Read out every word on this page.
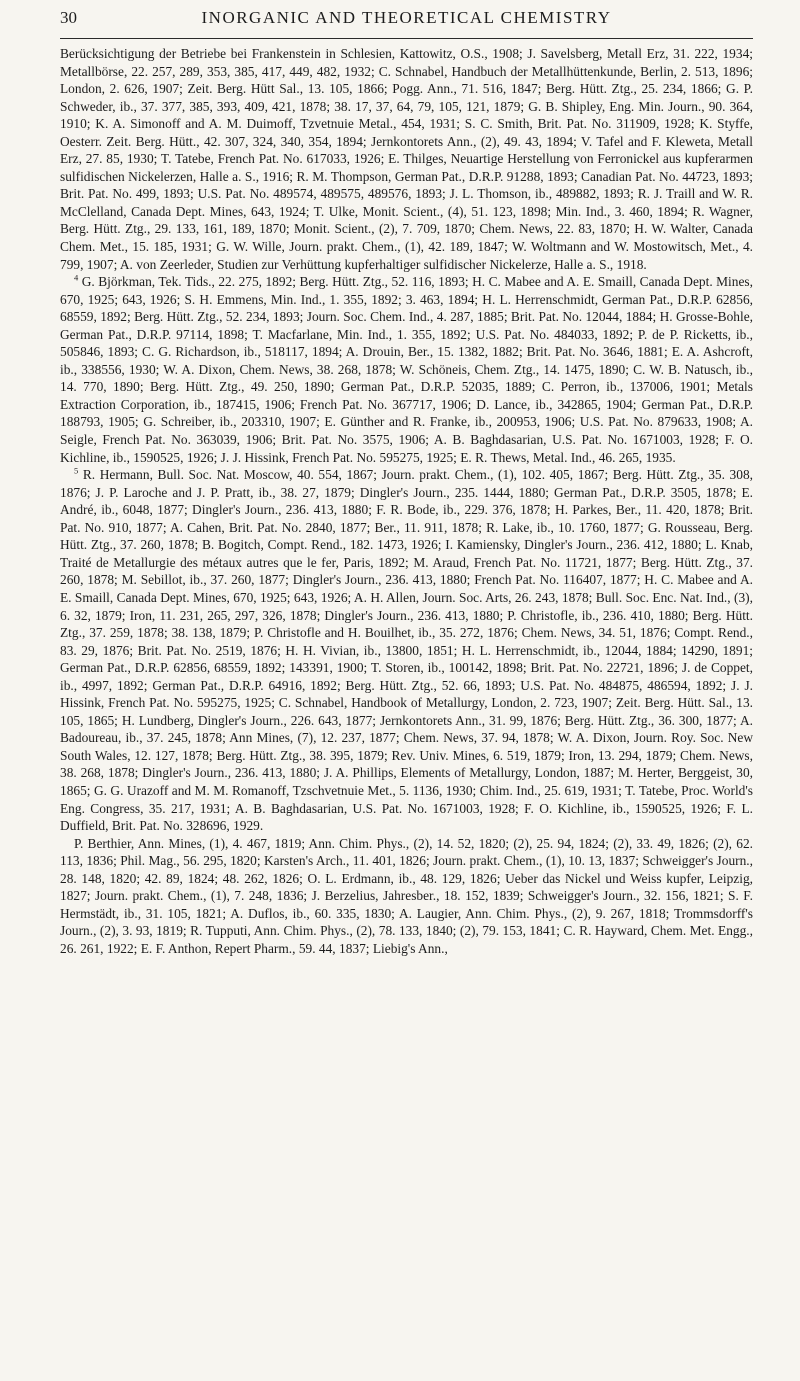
30	INORGANIC AND THEORETICAL CHEMISTRY

Berücksichtigung der Betriebe bei Frankenstein in Schlesien, Kattowitz, O.S., 1908; J. Savelsberg, Metall Erz, 31. 222, 1934; Metallbörse, 22. 257, 289, 353, 385, 417, 449, 482, 1932; C. Schnabel, Handbuch der Metallhüttenkunde, Berlin, 2. 513, 1896; London, 2. 626, 1907; Zeit. Berg. Hütt Sal., 13. 105, 1866; Pogg. Ann., 71. 516, 1847; Berg. Hütt. Ztg., 25. 234, 1866; G. P. Schweder, ib., 37. 377, 385, 393, 409, 421, 1878; 38. 17, 37, 64, 79, 105, 121, 1879; G. B. Shipley, Eng. Min. Journ., 90. 364, 1910; K. A. Simonoff and A. M. Duimoff, Tzvetnuie Metal., 454, 1931; S. C. Smith, Brit. Pat. No. 311909, 1928; K. Styffe, Oesterr. Zeit. Berg. Hütt., 42. 307, 324, 340, 354, 1894; Jernkontorets Ann., (2), 49. 43, 1894; V. Tafel and F. Kleweta, Metall Erz, 27. 85, 1930; T. Tatebe, French Pat. No. 617033, 1926; E. Thilges, Neuartige Herstellung von Ferronickel aus kupferarmen sulfidischen Nickelerzen, Halle a. S., 1916; R. M. Thompson, German Pat., D.R.P. 91288, 1893; Canadian Pat. No. 44723, 1893; Brit. Pat. No. 499, 1893; U.S. Pat. No. 489574, 489575, 489576, 1893; J. L. Thomson, ib., 489882, 1893; R. J. Traill and W. R. McClelland, Canada Dept. Mines, 643, 1924; T. Ulke, Monit. Scient., (4), 51. 123, 1898; Min. Ind., 3. 460, 1894; R. Wagner, Berg. Hütt. Ztg., 29. 133, 161, 189, 1870; Monit. Scient., (2), 7. 709, 1870; Chem. News, 22. 83, 1870; H. W. Walter, Canada Chem. Met., 15. 185, 1931; G. W. Wille, Journ. prakt. Chem., (1), 42. 189, 1847; W. Woltmann and W. Mostowitsch, Met., 4. 799, 1907; A. von Zeerleder, Studien zur Verhüttung kupferhaltiger sulfidischer Nickelerze, Halle a. S., 1918.

$^4$ G. Björkman, Tek. Tids., 22. 275, 1892; Berg. Hütt. Ztg., 52. 116, 1893; H. C. Mabee and A. E. Smaill, Canada Dept. Mines, 670, 1925; 643, 1926; S. H. Emmens, Min. Ind., 1. 355, 1892; 3. 463, 1894; H. L. Herrenschmidt, German Pat., D.R.P. 62856, 68559, 1892; Berg. Hütt. Ztg., 52. 234, 1893; Journ. Soc. Chem. Ind., 4. 287, 1885; Brit. Pat. No. 12044, 1884; H. Grosse-Bohle, German Pat., D.R.P. 97114, 1898; T. Macfarlane, Min. Ind., 1. 355, 1892; U.S. Pat. No. 484033, 1892; P. de P. Ricketts, ib., 505846, 1893; C. G. Richardson, ib., 518117, 1894; A. Drouin, Ber., 15. 1382, 1882; Brit. Pat. No. 3646, 1881; E. A. Ashcroft, ib., 338556, 1930; W. A. Dixon, Chem. News, 38. 268, 1878; W. Schöneis, Chem. Ztg., 14. 1475, 1890; C. W. B. Natusch, ib., 14. 770, 1890; Berg. Hütt. Ztg., 49. 250, 1890; German Pat., D.R.P. 52035, 1889; C. Perron, ib., 137006, 1901; Metals Extraction Corporation, ib., 187415, 1906; French Pat. No. 367717, 1906; D. Lance, ib., 342865, 1904; German Pat., D.R.P. 188793, 1905; G. Schreiber, ib., 203310, 1907; E. Günther and R. Franke, ib., 200953, 1906; U.S. Pat. No. 879633, 1908; A. Seigle, French Pat. No. 363039, 1906; Brit. Pat. No. 3575, 1906; A. B. Baghdasarian, U.S. Pat. No. 1671003, 1928; F. O. Kichline, ib., 1590525, 1926; J. J. Hissink, French Pat. No. 595275, 1925; E. R. Thews, Metal. Ind., 46. 265, 1935.

$^5$ R. Hermann, Bull. Soc. Nat. Moscow, 40. 554, 1867; Journ. prakt. Chem., (1), 102. 405, 1867; Berg. Hütt. Ztg., 35. 308, 1876; J. P. Laroche and J. P. Pratt, ib., 38. 27, 1879; Dingler's Journ., 235. 1444, 1880; German Pat., D.R.P. 3505, 1878; E. André, ib., 6048, 1877; Dingler's Journ., 236. 413, 1880; F. R. Bode, ib., 229. 376, 1878; H. Parkes, Ber., 11. 420, 1878; Brit. Pat. No. 910, 1877; A. Cahen, Brit. Pat. No. 2840, 1877; Ber., 11. 911, 1878; R. Lake, ib., 10. 1760, 1877; G. Rousseau, Berg. Hütt. Ztg., 37. 260, 1878; B. Bogitch, Compt. Rend., 182. 1473, 1926; I. Kamiensky, Dingler's Journ., 236. 412, 1880; L. Knab, Traité de Metallurgie des métaux autres que le fer, Paris, 1892; M. Araud, French Pat. No. 11721, 1877; Berg. Hütt. Ztg., 37. 260, 1878; M. Sebillot, ib., 37. 260, 1877; Dingler's Journ., 236. 413, 1880; French Pat. No. 116407, 1877; H. C. Mabee and A. E. Smaill, Canada Dept. Mines, 670, 1925; 643, 1926; A. H. Allen, Journ. Soc. Arts, 26. 243, 1878; Bull. Soc. Enc. Nat. Ind., (3), 6. 32, 1879; Iron, 11. 231, 265, 297, 326, 1878; Dingler's Journ., 236. 413, 1880; P. Christofle, ib., 236. 410, 1880; Berg. Hütt. Ztg., 37. 259, 1878; 38. 138, 1879; P. Christofle and H. Bouilhet, ib., 35. 272, 1876; Chem. News, 34. 51, 1876; Compt. Rend., 83. 29, 1876; Brit. Pat. No. 2519, 1876; H. H. Vivian, ib., 13800, 1851; H. L. Herrenschmidt, ib., 12044, 1884; 14290, 1891; German Pat., D.R.P. 62856, 68559, 1892; 143391, 1900; T. Storen, ib., 100142, 1898; Brit. Pat. No. 22721, 1896; J. de Coppet, ib., 4997, 1892; German Pat., D.R.P. 64916, 1892; Berg. Hütt. Ztg., 52. 66, 1893; U.S. Pat. No. 484875, 486594, 1892; J. J. Hissink, French Pat. No. 595275, 1925; C. Schnabel, Handbook of Metallurgy, London, 2. 723, 1907; Zeit. Berg. Hütt. Sal., 13. 105, 1865; H. Lundberg, Dingler's Journ., 226. 643, 1877; Jernkontorets Ann., 31. 99, 1876; Berg. Hütt. Ztg., 36. 300, 1877; A. Badoureau, ib., 37. 245, 1878; Ann Mines, (7), 12. 237, 1877; Chem. News, 37. 94, 1878; W. A. Dixon, Journ. Roy. Soc. New South Wales, 12. 127, 1878; Berg. Hütt. Ztg., 38. 395, 1879; Rev. Univ. Mines, 6. 519, 1879; Iron, 13. 294, 1879; Chem. News, 38. 268, 1878; Dingler's Journ., 236. 413, 1880; J. A. Phillips, Elements of Metallurgy, London, 1887; M. Herter, Berggeist, 30, 1865; G. G. Urazoff and M. M. Romanoff, Tzschvetnuie Met., 5. 1136, 1930; Chim. Ind., 25. 619, 1931; T. Tatebe, Proc. World's Eng. Congress, 35. 217, 1931; A. B. Baghdasarian, U.S. Pat. No. 1671003, 1928; F. O. Kichline, ib., 1590525, 1926; F. L. Duffield, Brit. Pat. No. 328696, 1929.

P. Berthier, Ann. Mines, (1), 4. 467, 1819; Ann. Chim. Phys., (2), 14. 52, 1820; (2), 25. 94, 1824; (2), 33. 49, 1826; (2), 62. 113, 1836; Phil. Mag., 56. 295, 1820; Karsten's Arch., 11. 401, 1826; Journ. prakt. Chem., (1), 10. 13, 1837; Schweigger's Journ., 28. 148, 1820; 42. 89, 1824; 48. 262, 1826; O. L. Erdmann, ib., 48. 129, 1826; Ueber das Nickel und Weiss kupfer, Leipzig, 1827; Journ. prakt. Chem., (1), 7. 248, 1836; J. Berzelius, Jahresber., 18. 152, 1839; Schweigger's Journ., 32. 156, 1821; S. F. Hermstädt, ib., 31. 105, 1821; A. Duflos, ib., 60. 335, 1830; A. Laugier, Ann. Chim. Phys., (2), 9. 267, 1818; Trommsdorff's Journ., (2), 3. 93, 1819; R. Tupputi, Ann. Chim. Phys., (2), 78. 133, 1840; (2), 79. 153, 1841; C. R. Hayward, Chem. Met. Engg., 26. 261, 1922; E. F. Anthon, Repert Pharm., 59. 44, 1837; Liebig's Ann.,
